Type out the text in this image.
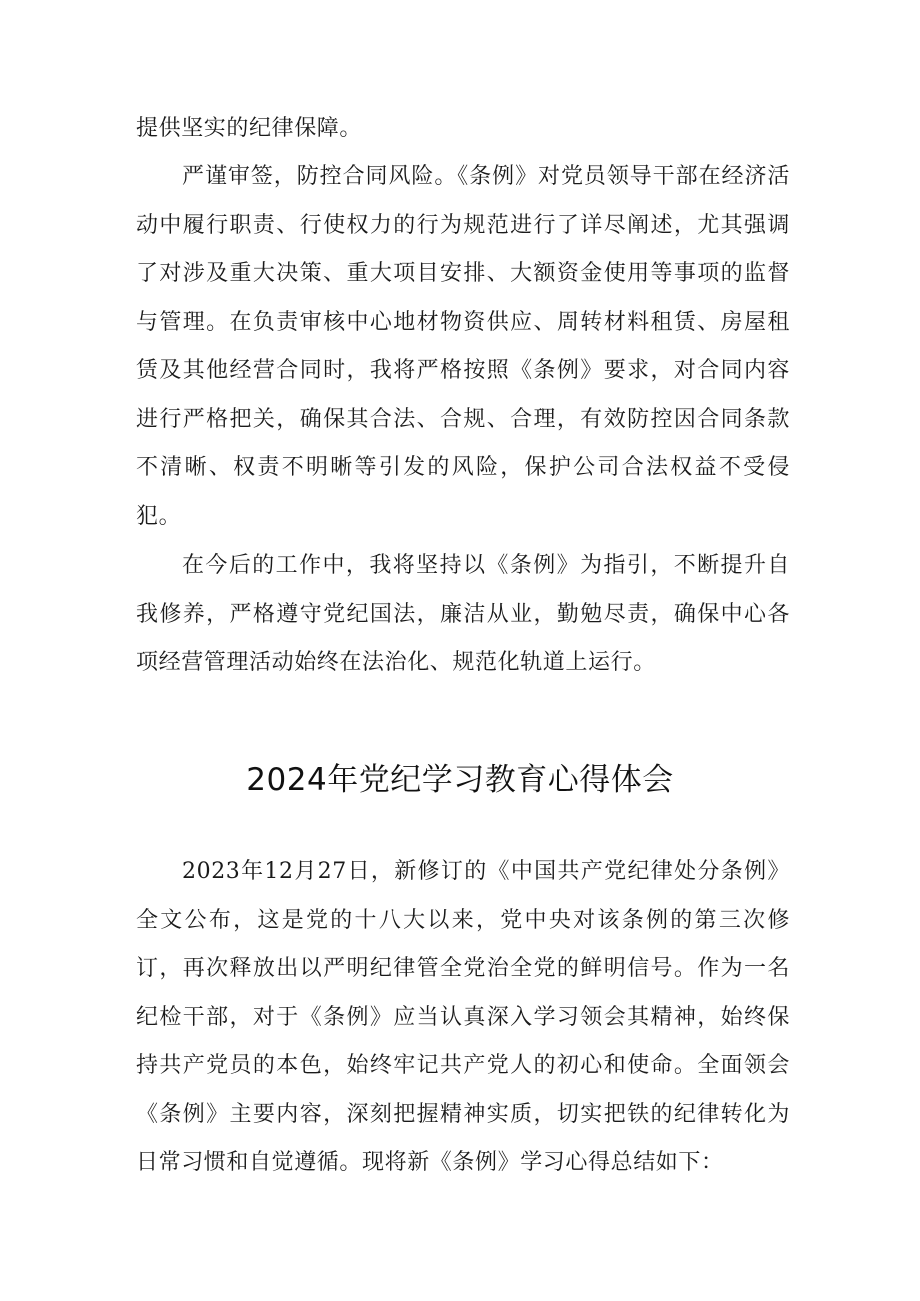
提供坚实的纪律保障。

严谨审签，防控合同风险。《条例》对党员领导干部在经济活动中履行职责、行使权力的行为规范进行了详尽阐述，尤其强调了对涉及重大决策、重大项目安排、大额资金使用等事项的监督与管理。在负责审核中心地材物资供应、周转材料租赁、房屋租赁及其他经营合同时，我将严格按照《条例》要求，对合同内容进行严格把关，确保其合法、合规、合理，有效防控因合同条款不清晰、权责不明晰等引发的风险，保护公司合法权益不受侵犯。

在今后的工作中，我将坚持以《条例》为指引，不断提升自我修养，严格遵守党纪国法，廉洁从业，勤勉尽责，确保中心各项经营管理活动始终在法治化、规范化轨道上运行。

2024年党纪学习教育心得体会

2023年12月27日，新修订的《中国共产党纪律处分条例》全文公布，这是党的十八大以来，党中央对该条例的第三次修订，再次释放出以严明纪律管全党治全党的鲜明信号。作为一名纪检干部，对于《条例》应当认真深入学习领会其精神，始终保持共产党员的本色，始终牢记共产党人的初心和使命。全面领会《条例》主要内容，深刻把握精神实质，切实把铁的纪律转化为日常习惯和自觉遵循。现将新《条例》学习心得总结如下：
